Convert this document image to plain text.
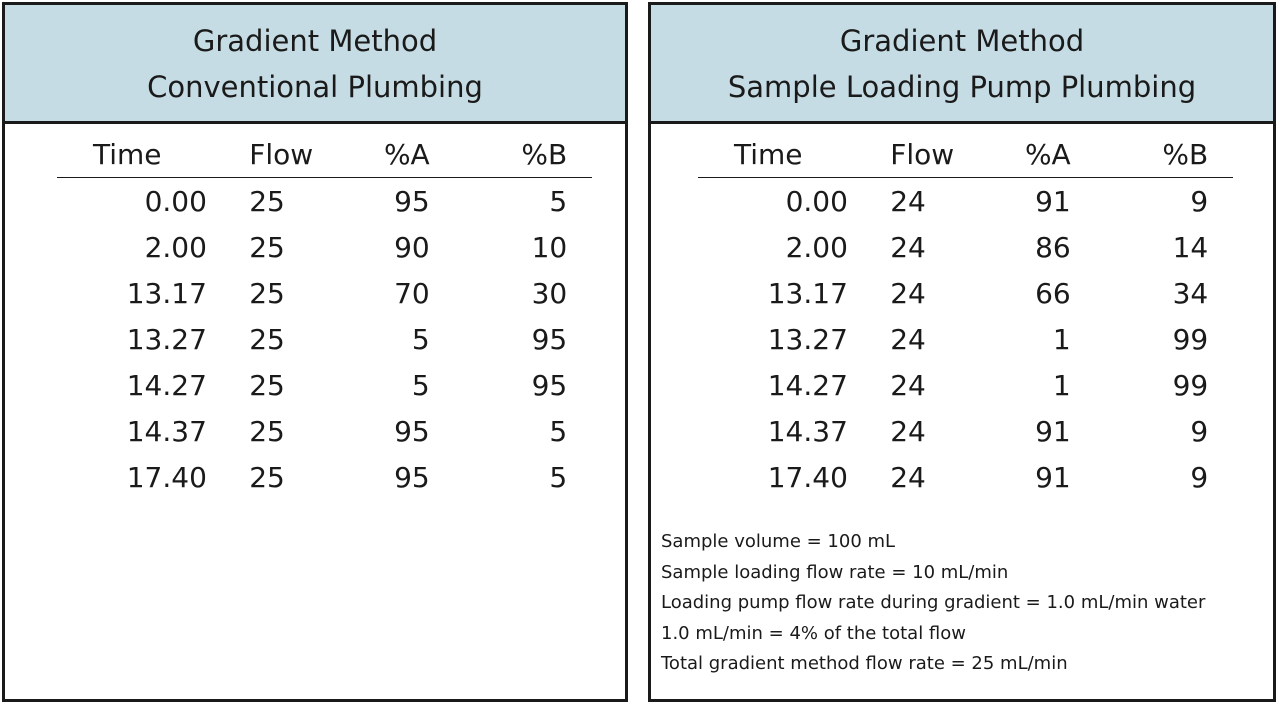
Gradient Method
Conventional Plumbing
Time		Flow		%A		%B	
0.00		25		95		5	
2.00		25		90		10	
13.17		25		70		30	
13.27		25		5		95	
14.27		25		5		95	
14.37		25		95		5	
17.40		25		95		5	
Gradient Method
Sample Loading Pump Plumbing
Time		Flow		%A		%B	
0.00		24		91		9	
2.00		24		86		14	
13.17		24		66		34	
13.27		24		1		99	
14.27		24		1		99	
14.37		24		91		9	
17.40		24		91		9	
Sample volume = 100 mL
Sample loading flow rate = 10 mL/min
Loading pump flow rate during gradient = 1.0 mL/min water
1.0 mL/min = 4% of the total flow
Total gradient method flow rate = 25 mL/min
